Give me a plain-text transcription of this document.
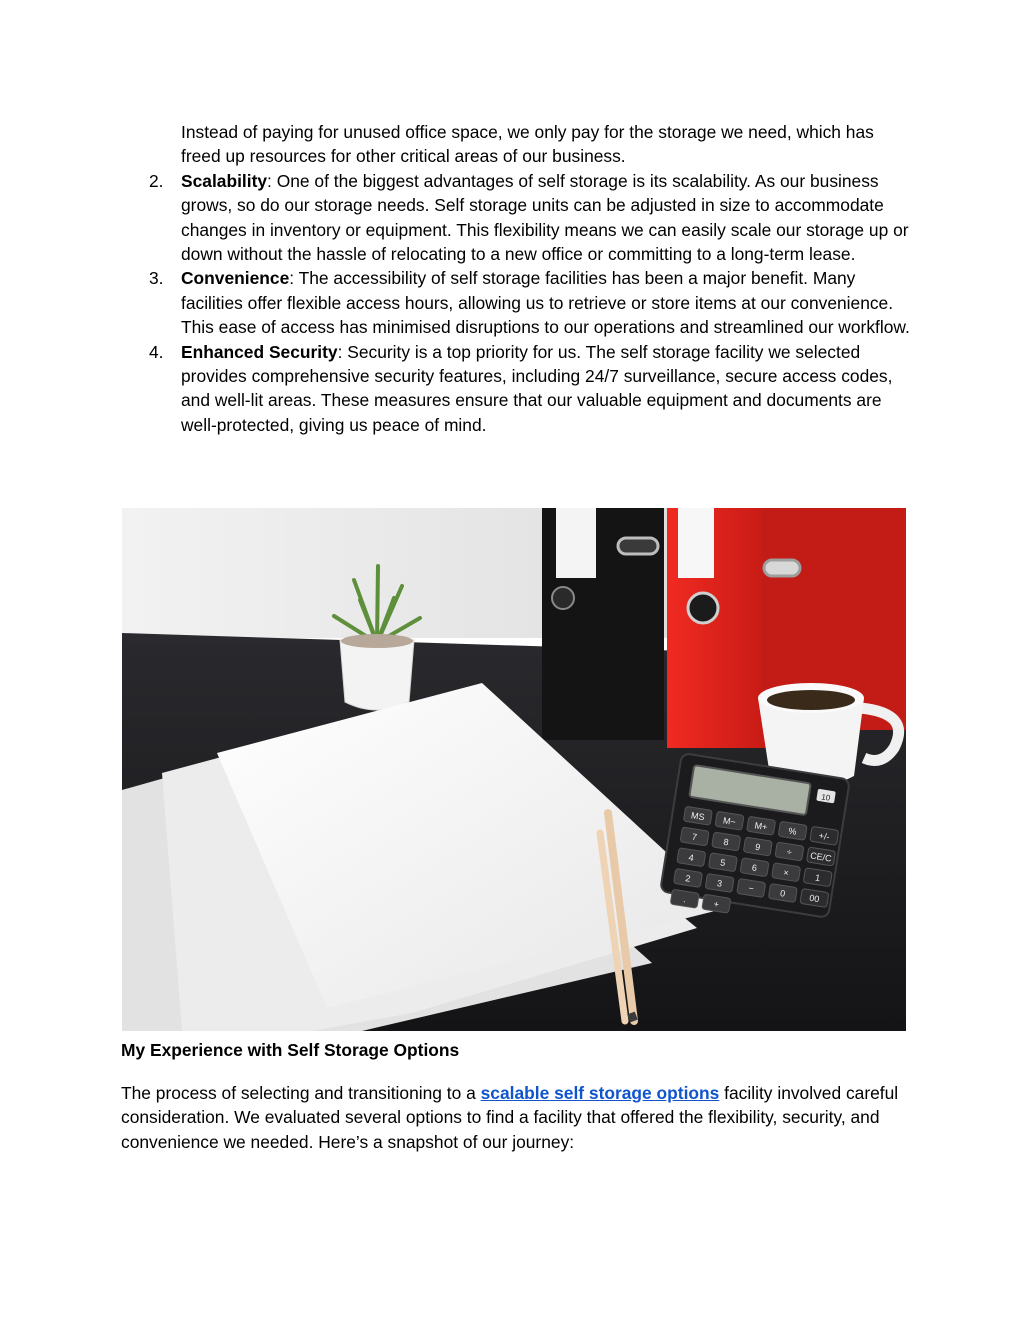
Instead of paying for unused office space, we only pay for the storage we need, which has freed up resources for other critical areas of our business.
2.	Scalability: One of the biggest advantages of self storage is its scalability. As our business grows, so do our storage needs. Self storage units can be adjusted in size to accommodate changes in inventory or equipment. This flexibility means we can easily scale our storage up or down without the hassle of relocating to a new office or committing to a long-term lease.
3.	Convenience: The accessibility of self storage facilities has been a major benefit. Many facilities offer flexible access hours, allowing us to retrieve or store items at our convenience. This ease of access has minimised disruptions to our operations and streamlined our workflow.
4.	Enhanced Security: Security is a top priority for us. The self storage facility we selected provides comprehensive security features, including 24/7 surveillance, secure access codes, and well-lit areas. These measures ensure that our valuable equipment and documents are well-protected, giving us peace of mind.
10
MS M− M+ % +/-
7	8	9	÷ CE/C
4	5	6	×	1
2	3	−	0	00
.	+
My Experience with Self Storage Options
The process of selecting and transitioning to a scalable self storage options facility involved careful consideration. We evaluated several options to find a facility that offered the flexibility, security, and convenience we needed. Here’s a snapshot of our journey:
